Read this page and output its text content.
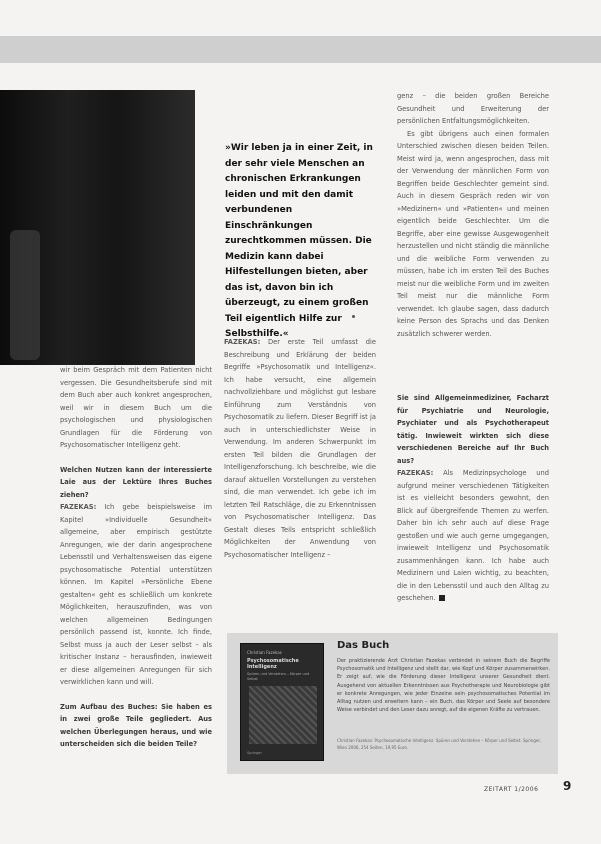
»Wir leben ja in einer Zeit, in der sehr viele Menschen an chronischen Erkrankungen leiden und mit den damit verbundenen Einschränkungen zurechtkommen müssen. Die Medizin kann dabei Hilfestellungen bieten, aber das ist, davon bin ich überzeugt, zu einem großen Teil eigentlich Hilfe zur Selbsthilfe.«

wir beim Gespräch mit dem Patienten nicht vergessen. Die Gesundheitsberufe sind mit dem Buch aber auch konkret angesprochen, weil wir in diesem Buch um die psychologischen und physiologischen Grundlagen für die Förderung von Psychosomatischer Intelligenz geht.

Welchen Nutzen kann der interessierte Laie aus der Lektüre Ihres Buches ziehen?

FAZEKAS: Ich gebe beispielsweise im Kapitel »Individuelle Gesundheit« allgemeine, aber empirisch gestützte Anregungen, wie der darin angesprochene Lebensstil und Verhaltensweisen das eigene psychosomatische Potential unterstützen können. Im Kapitel »Persönliche Ebene gestalten« geht es schließlich um konkrete Möglichkeiten, herauszufinden, was von welchen allgemeinen Bedingungen persönlich passend ist, konnte. Ich finde, Selbst muss ja auch der Leser selbst – als kritischer Instanz – herausfinden, inwieweit er diese allgemeinen Anregungen für sich verwirklichen kann und will.

Zum Aufbau des Buches: Sie haben es in zwei große Teile gegliedert. Aus welchen Überlegungen heraus, und wie unterscheiden sich die beiden Teile?

FAZEKAS: Der erste Teil umfasst die Beschreibung und Erklärung der beiden Begriffe »Psychosomatik und Intelligenz«. Ich habe versucht, eine allgemein nachvollziehbare und möglichst gut lesbare Einführung zum Verständnis von Psychosomatik zu liefern. Dieser Begriff ist ja auch in unterschiedlichster Weise in Verwendung. Im anderen Schwerpunkt im ersten Teil bilden die Grundlagen der Intelligenzforschung. Ich beschreibe, wie die darauf aktuellen Vorstellungen zu verstehen sind, die man verwendet. Ich gebe ich im letzten Teil Ratschläge, die zu Erkenntnissen von Psychosomatischer Intelligenz. Das Gestalt dieses Teils entspricht schließlich Möglichkeiten der Anwendung von Psychosomatischer Intelligenz –

genz – die beiden großen Bereiche Gesundheit und Erweiterung der persönlichen Entfaltungsmöglichkeiten.

Es gibt übrigens auch einen formalen Unterschied zwischen diesen beiden Teilen. Meist wird ja, wenn angesprochen, dass mit der Verwendung der männlichen Form von Begriffen beide Geschlechter gemeint sind. Auch in diesem Gespräch reden wir von »Medizinern« und »Patienten« und meinen eigentlich beide Geschlechter. Um die Begriffe, aber eine gewisse Ausgewogenheit herzustellen und nicht ständig die männliche und die weibliche Form verwenden zu müssen, habe ich im ersten Teil des Buches meist nur die weibliche Form und im zweiten Teil meist nur die männliche Form verwendet. Ich glaube sagen, dass dadurch keine Person des Sprachs und das Denken zusätzlich schwerer werden.

Sie sind Allgemeinmediziner, Facharzt für Psychiatrie und Neurologie, Psychiater und als Psychotherapeut tätig. Inwieweit wirkten sich diese verschiedenen Bereiche auf Ihr Buch aus?

FAZEKAS: Als Medizinpsychologe und aufgrund meiner verschiedenen Tätigkeiten ist es vielleicht besonders gewohnt, den Blick auf übergreifende Themen zu werfen. Daher bin ich sehr auch auf diese Frage gestoßen und wie auch gerne umgegangen, inwieweit Intelligenz und Psychosomatik zusammenhängen kann. Ich habe auch Medizinern und Laien wichtig, zu beachten, die in den Lebensstil und auch den Alltag zu geschehen.

Christian Fazekas
Psychosomatische Intelligenz
Spüren und Verstehen – Körper und Selbst
Springer
Das Buch
Der praktizierende Arzt Christian Fazekas verbindet in seinem Buch die Begriffe Psychosomatik und Intelligenz und stellt dar, wie Kopf und Körper zusammenwirken. Er zeigt auf, wie die Förderung dieser Intelligenz unserer Gesundheit dient. Ausgehend von aktuellen Erkenntnissen aus Psychotherapie und Neurobiologie gibt er konkrete Anregungen, wie jeder Einzelne sein psychosomatisches Potential im Alltag nutzen und erweitern kann – ein Buch, das Körper und Seele auf besondere Weise verbindet und den Leser dazu anregt, auf die eigenen Kräfte zu vertrauen.
Christian Fazekas: Psychosomatische Intelligenz. Spüren und Verstehen – Körper und Selbst. Springer, Wien 2006, 254 Seiten, 19,95 Euro.
ZEITART 1/2006 9
